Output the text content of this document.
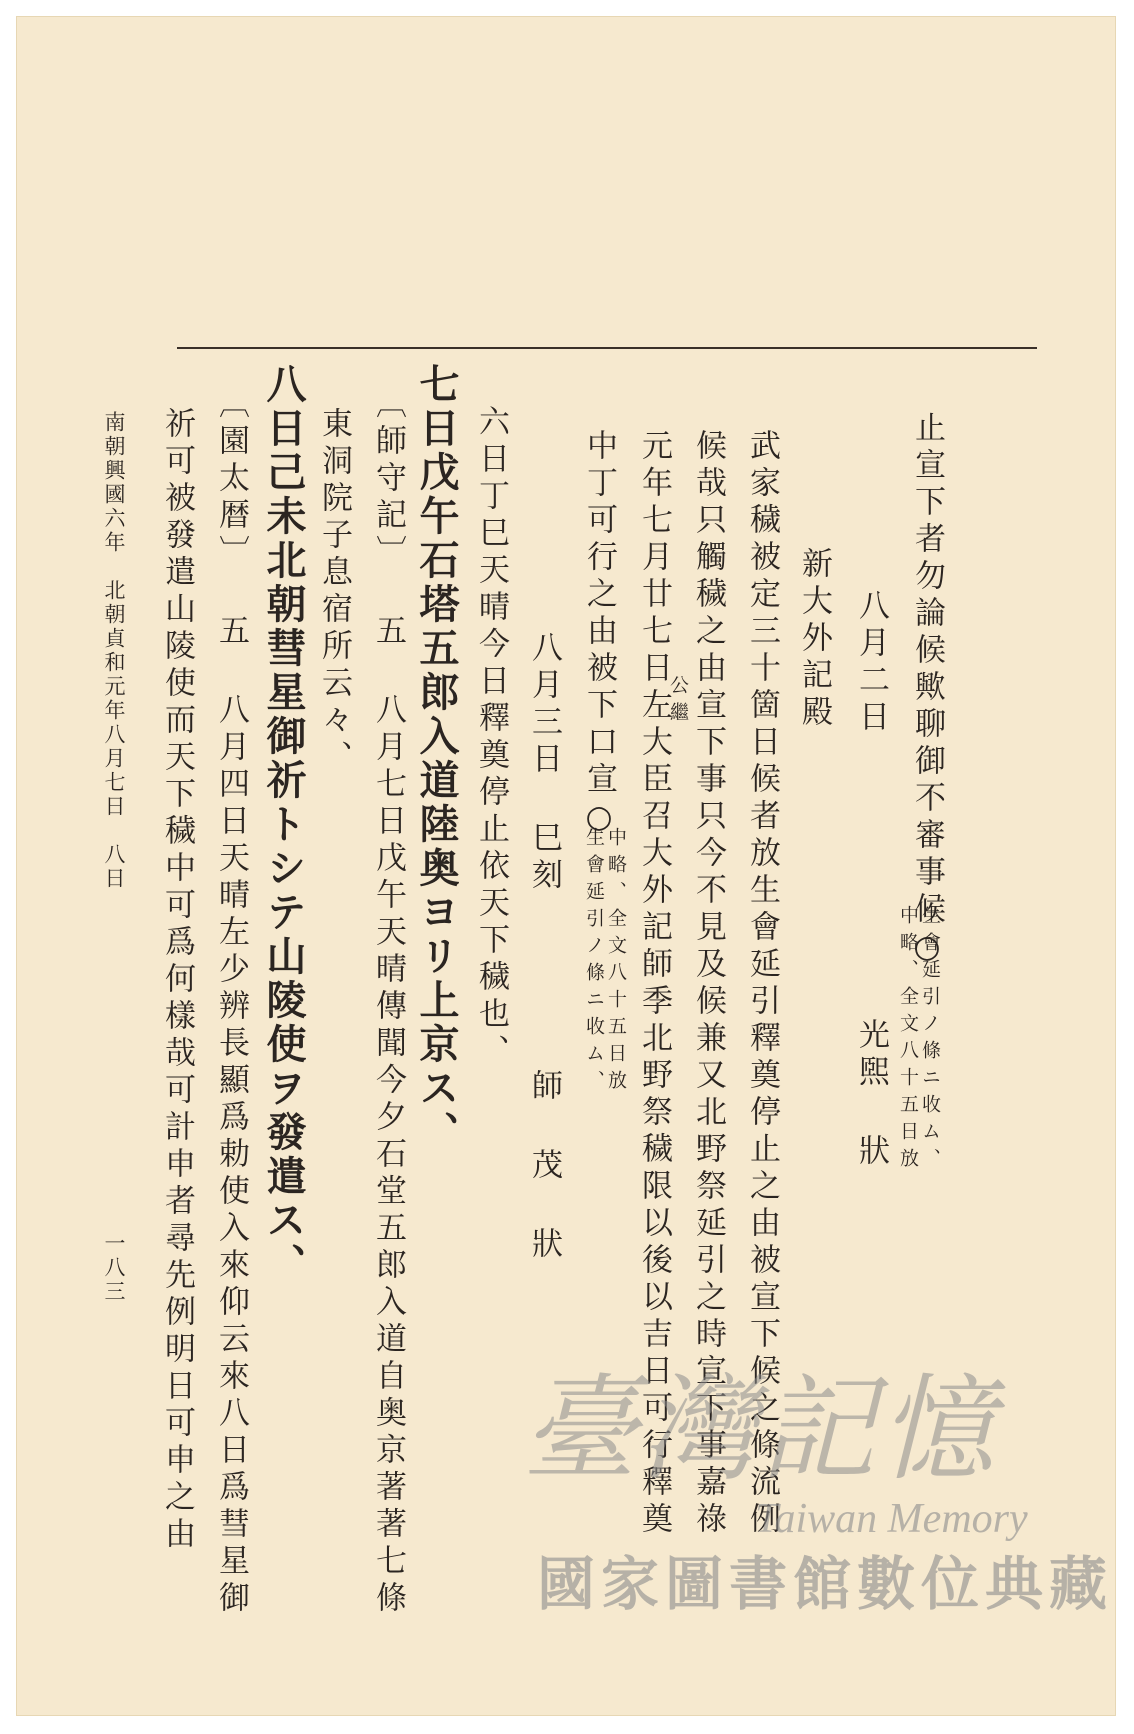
止宣下者勿論候歟聊御不審事候○
生會延引ノ條ニ收ム、
中略、全文八十五日放
八月二日
光煕 狀
新大外記殿
武家穢被定三十箇日候者放生會延引釋奠停止之由被宣下候之條流例
候哉只觸穢之由宣下事只今不見及候兼又北野祭延引之時宣下事嘉祿
公繼
元年七月廿七日左大臣召大外記師季北野祭穢限以後以吉日可行釋奠
中丁可行之由被下口宣○
中略、全文八十五日放
生會延引ノ條ニ收ム、
八月三日 巳刻
師 茂 狀
六日丁巳天晴今日釋奠停止依天下穢也、
七日戊午石塔五郎入道陸奥ヨリ上京ス、
〔師守記〕 五 八月七日戊午天晴傳聞今夕石堂五郎入道自奥京著著七條
東洞院子息宿所云々、
八日己未北朝彗星御祈トシテ山陵使ヲ發遣ス、
〔園太暦〕 五 八月四日天晴左少辨長顯爲勅使入來仰云來八日爲彗星御
祈可被發遣山陵使而天下穢中可爲何樣哉可計申者尋先例明日可申之由
南朝興國六年　北朝貞和元年八月七日　八日
一八三
臺灣記憶
Taiwan Memory
國家圖書館數位典藏
